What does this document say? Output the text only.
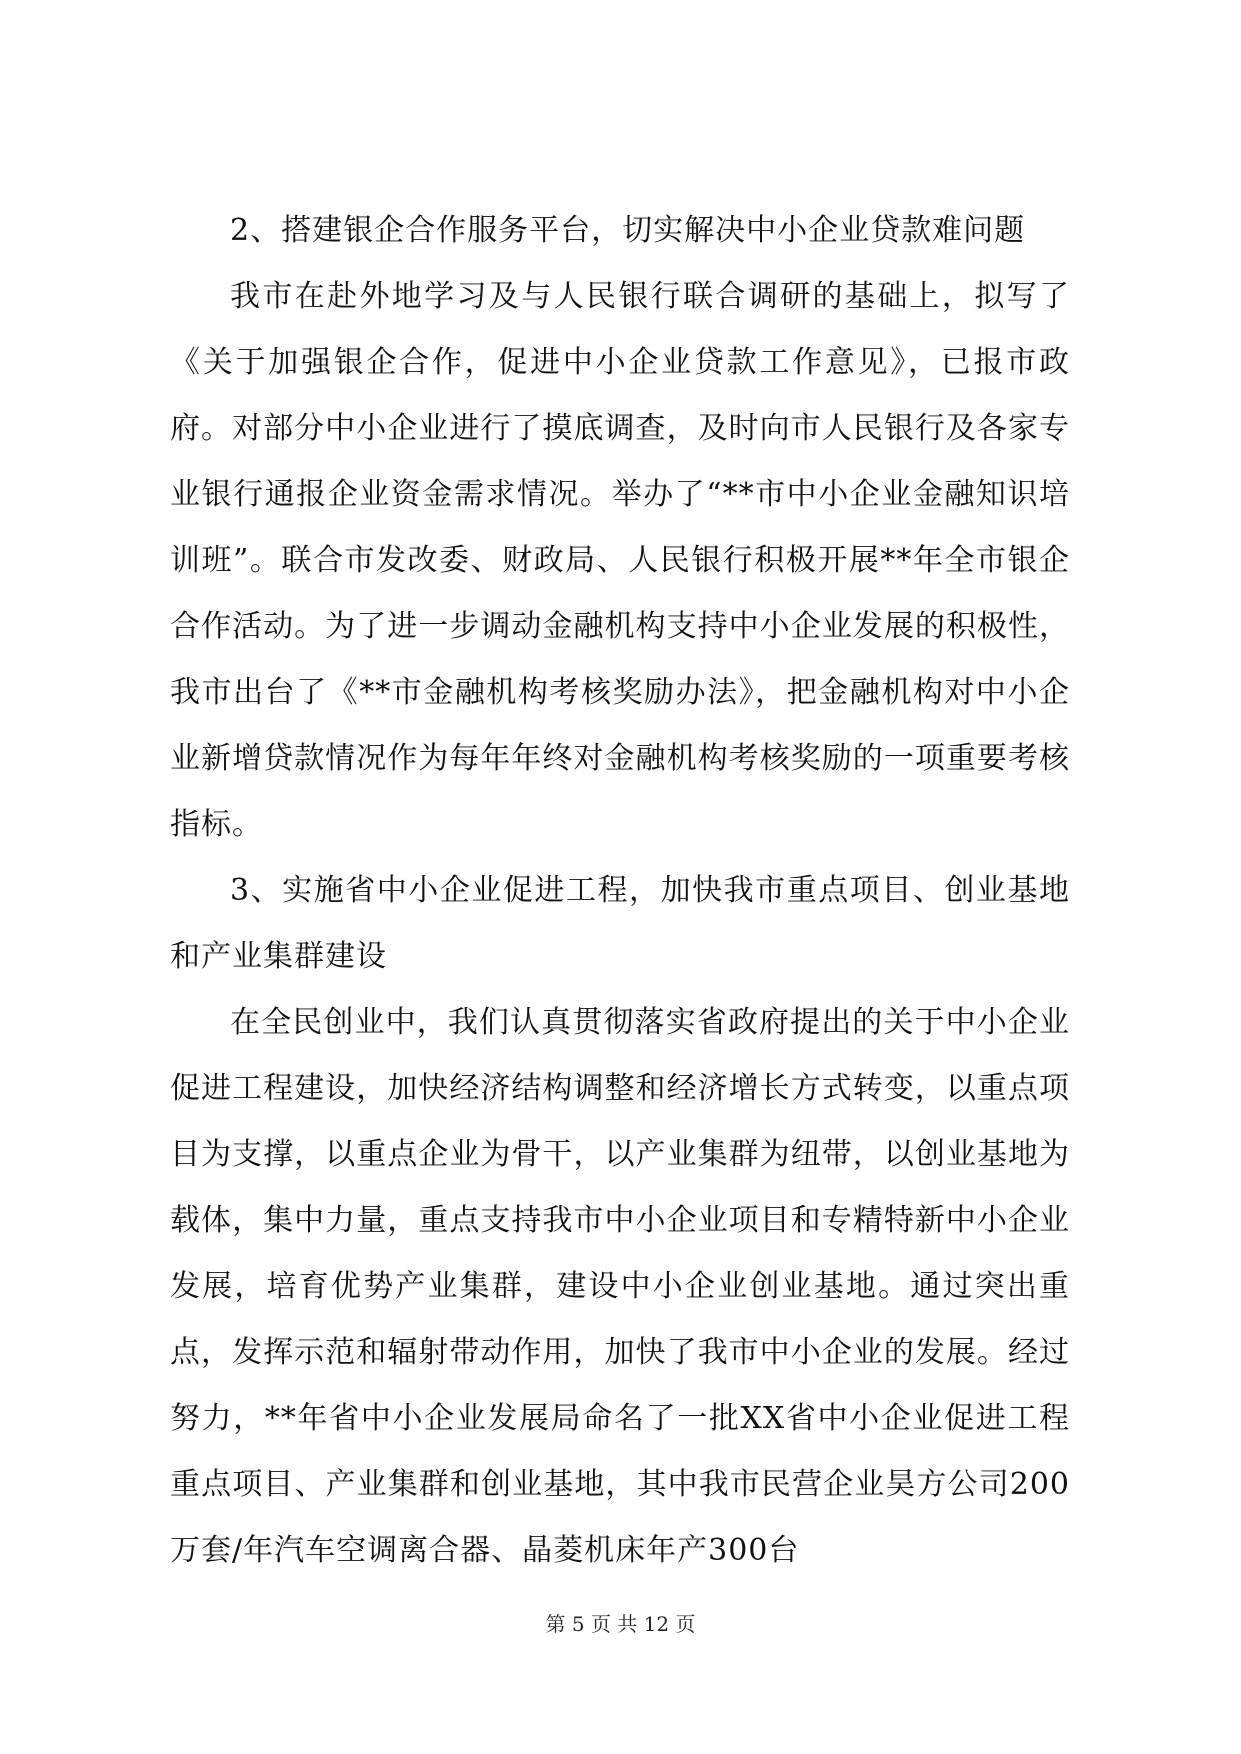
2、搭建银企合作服务平台，切实解决中小企业贷款难问题

我市在赴外地学习及与人民银行联合调研的基础上，拟写了《关于加强银企合作，促进中小企业贷款工作意见》，已报市政府。对部分中小企业进行了摸底调查，及时向市人民银行及各家专业银行通报企业资金需求情况。举办了“**市中小企业金融知识培训班”。联合市发改委、财政局、人民银行积极开展**年全市银企合作活动。为了进一步调动金融机构支持中小企业发展的积极性，我市出台了《**市金融机构考核奖励办法》，把金融机构对中小企业新增贷款情况作为每年年终对金融机构考核奖励的一项重要考核指标。

3、实施省中小企业促进工程，加快我市重点项目、创业基地和产业集群建设

在全民创业中，我们认真贯彻落实省政府提出的关于中小企业促进工程建设，加快经济结构调整和经济增长方式转变，以重点项目为支撑，以重点企业为骨干，以产业集群为纽带，以创业基地为载体，集中力量，重点支持我市中小企业项目和专精特新中小企业发展，培育优势产业集群，建设中小企业创业基地。通过突出重点，发挥示范和辐射带动作用，加快了我市中小企业的发展。经过努力，**年省中小企业发展局命名了一批XX省中小企业促进工程重点项目、产业集群和创业基地，其中我市民营企业昊方公司200万套/年汽车空调离合器、晶菱机床年产300台

第 5 页 共 12 页
